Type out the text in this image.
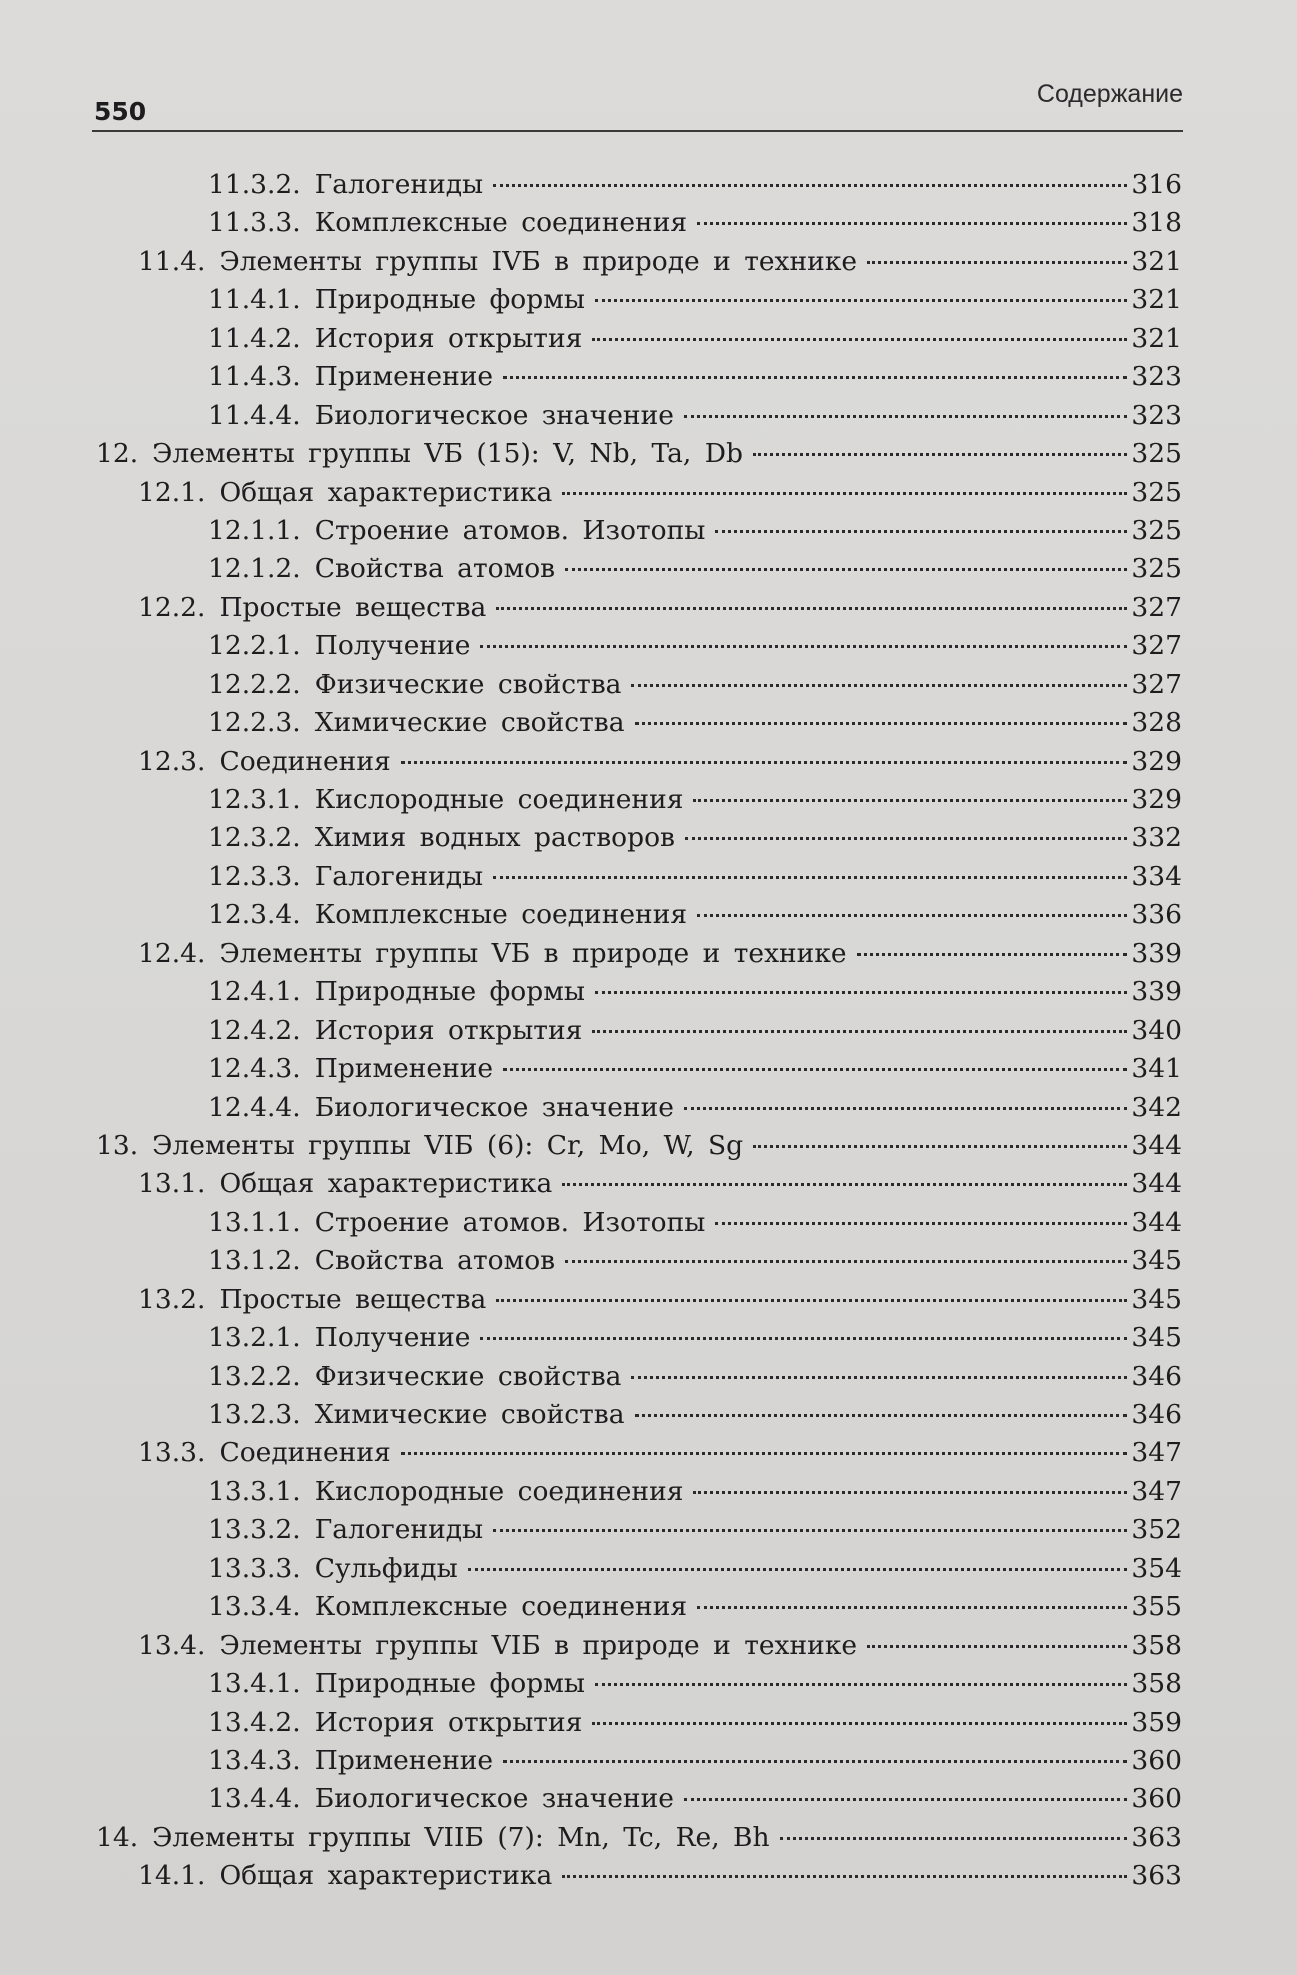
550
Содержание
11.3.2. Галогениды	316
11.3.3. Комплексные соединения	318
11.4. Элементы группы IVБ в природе и технике	321
11.4.1. Природные формы	321
11.4.2. История открытия	321
11.4.3. Применение	323
11.4.4. Биологическое значение	323
12. Элементы группы VБ (15): V, Nb, Ta, Db	325
12.1. Общая характеристика	325
12.1.1. Строение атомов. Изотопы	325
12.1.2. Свойства атомов	325
12.2. Простые вещества	327
12.2.1. Получение	327
12.2.2. Физические свойства	327
12.2.3. Химические свойства	328
12.3. Соединения	329
12.3.1. Кислородные соединения	329
12.3.2. Химия водных растворов	332
12.3.3. Галогениды	334
12.3.4. Комплексные соединения	336
12.4. Элементы группы VБ в природе и технике	339
12.4.1. Природные формы	339
12.4.2. История открытия	340
12.4.3. Применение	341
12.4.4. Биологическое значение	342
13. Элементы группы VIБ (6): Cr, Mo, W, Sg	344
13.1. Общая характеристика	344
13.1.1. Строение атомов. Изотопы	344
13.1.2. Свойства атомов	345
13.2. Простые вещества	345
13.2.1. Получение	345
13.2.2. Физические свойства	346
13.2.3. Химические свойства	346
13.3. Соединения	347
13.3.1. Кислородные соединения	347
13.3.2. Галогениды	352
13.3.3. Сульфиды	354
13.3.4. Комплексные соединения	355
13.4. Элементы группы VIБ в природе и технике	358
13.4.1. Природные формы	358
13.4.2. История открытия	359
13.4.3. Применение	360
13.4.4. Биологическое значение	360
14. Элементы группы VIIБ (7): Mn, Tc, Re, Bh	363
14.1. Общая характеристика	363
